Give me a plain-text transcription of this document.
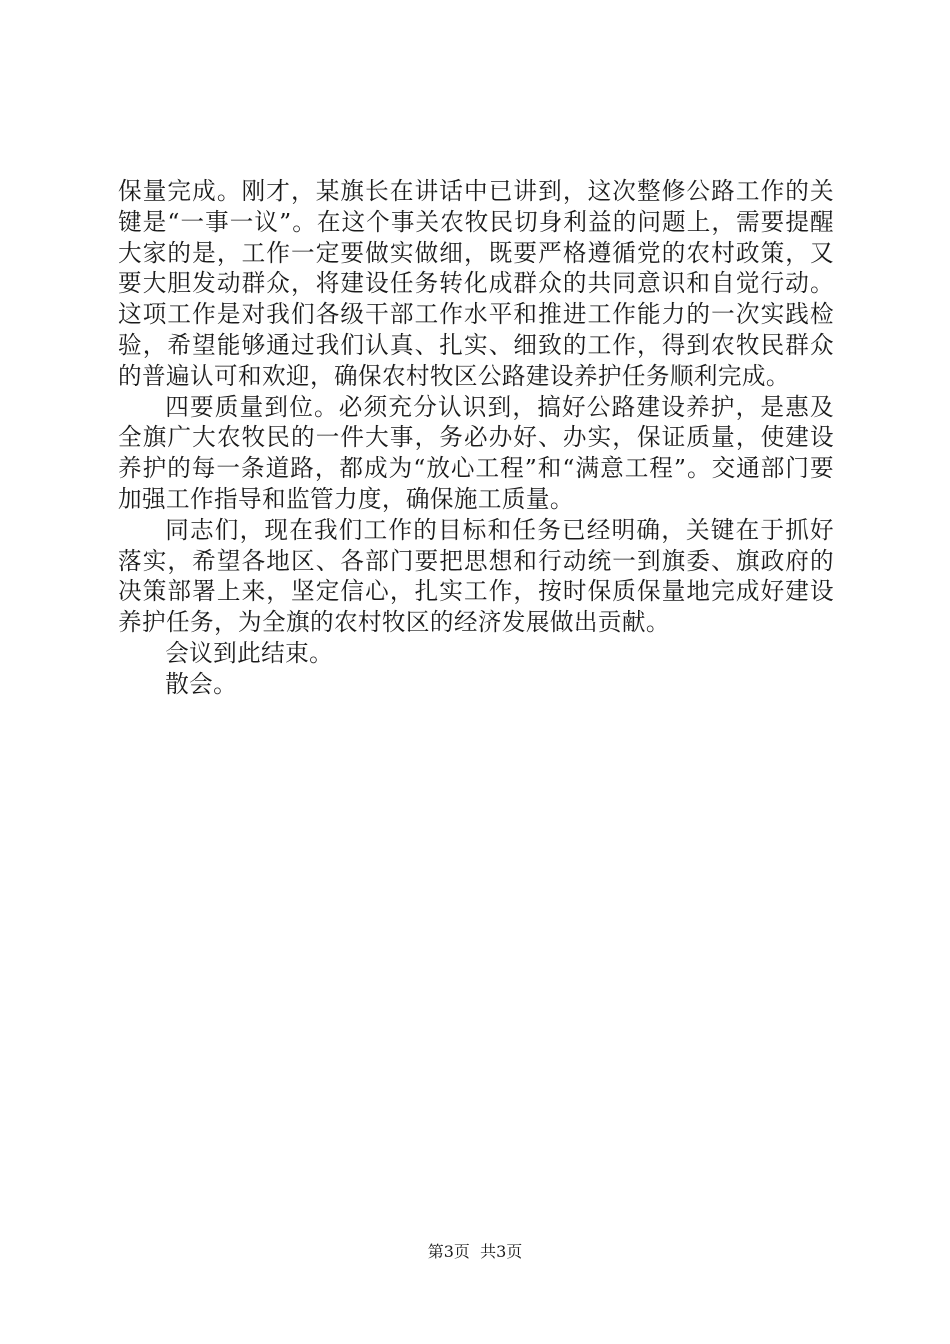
保量完成。刚才，某旗长在讲话中已讲到，这次整修公路工作的关键是“一事一议”。在这个事关农牧民切身利益的问题上，需要提醒大家的是，工作一定要做实做细，既要严格遵循党的农村政策，又要大胆发动群众，将建设任务转化成群众的共同意识和自觉行动。这项工作是对我们各级干部工作水平和推进工作能力的一次实践检验，希望能够通过我们认真、扎实、细致的工作，得到农牧民群众的普遍认可和欢迎，确保农村牧区公路建设养护任务顺利完成。

四要质量到位。必须充分认识到，搞好公路建设养护，是惠及全旗广大农牧民的一件大事，务必办好、办实，保证质量，使建设养护的每一条道路，都成为“放心工程”和“满意工程”。交通部门要加强工作指导和监管力度，确保施工质量。

同志们，现在我们工作的目标和任务已经明确，关键在于抓好落实，希望各地区、各部门要把思想和行动统一到旗委、旗政府的决策部署上来，坚定信心，扎实工作，按时保质保量地完成好建设养护任务，为全旗的农村牧区的经济发展做出贡献。

会议到此结束。

散会。

第3页 共3页
